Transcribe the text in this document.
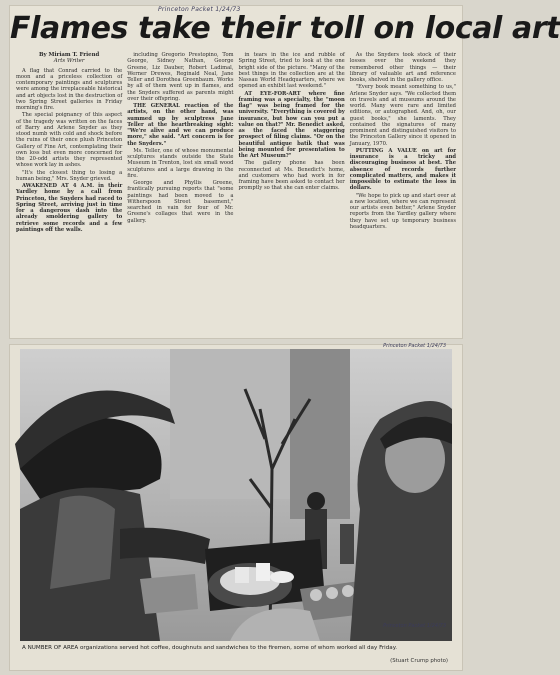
Princeton Packet 1/24/73
Flames take their toll on local art
By Miriam T. Friend
Arts Writer

A flag that Conrad carried to the moon and a priceless collection of contemporary paintings and sculptures were among the irreplaceable historical and art objects lost in the destruction of two Spring Street galleries in Friday morning's fire.

The special poignancy of this aspect of the tragedy was written on the faces of Barry and Arlene Snyder as they stood numb with cold and shock before the ruins of their once plush Princeton Gallery of Fine Art, contemplating their own loss but even more concerned for the 20-odd artists they represented whose work lay in ashes.

"It's the closest thing to losing a human being," Mrs. Snyder grieved.

AWAKENED AT 4 A.M. in their Yardley home by a call from Princeton, the Snyders had raced to Spring Street, arriving just in time for a dangerous dash into the already smoldering gallery to retrieve some records and a few paintings off the walls.

including Gregorio Prestopino, Tom George, Sidney Nathan, George Greene, Liz Dauber, Robert Ladimal, Werner Drewes, Reginald Neal, Jane Teller and Dorothea Greenbaum. Works by all of them went up in flames, and the Snyders suffered as parents might over their offspring.

THE GENERAL reaction of the artists, on the other hand, was summed up by sculptress Jane Teller at the heartbreaking sight: "We're alive and we can produce more," she said. "Art concern is for the Snyders."

Ms. Teller, one of whose monumental sculptures stands outside the State Museum in Trenton, lost six small wood sculptures and a large drawing in the fire.

George and Phyllis Greene, frantically pursuing reports that "some paintings had been moved to a Witherspoon Street basement," searched in vain for four of Mr. Greene's collages that were in the gallery.

in tears in the ice and rubble of Spring Street, tried to look at the one bright side of the picture. "Many of the best things in the collection are at the Nassau World Headquarters, where we opened an exhibit last weekend."

AT EYE-FOR-ART where fine framing was a specialty, the "moon flag" was being framed for the university. "Everything is covered by insurance, but how can you put a value on that?" Mr. Benedict asked, as the faced the staggering prospect of filing claims. "Or on the beautiful antique batik that was being mounted for presentation to the Art Museum?"

The gallery phone has been reconnected at Ms. Benedict's home, and customers who had work in for framing have been asked to contact her promptly so that she can enter claims.

As the Snyders took stock of their losses over the weekend they remembered other things — their library of valuable art and reference books, shelved in the gallery office.

"Every book meant something to us," Arlene Snyder says. "We collected them on travels and at museums around the world. Many were rare and limited editions, or autographed. And, oh, our guest books," she laments. They contained the signatures of many prominent and distinguished visitors to the Princeton Gallery since it opened in January, 1970.

PUTTING A VALUE on art for insurance is a tricky and discouraging business at best. The absence of records further complicated matters, and makes it impossible to estimate the loss in dollars.

"We hope to pick up and start over at a new location, where we can represent our artists even better," Arlene Snyder reports from the Yardley gallery where they have set up temporary business headquarters.

Princeton Packet 1/24/73
Princeton Packet 1/24/73
A NUMBER OF AREA organizations served hot coffee, doughnuts and sandwiches to the firemen, some of whom worked all day Friday.
(Stuart Crump photo)
